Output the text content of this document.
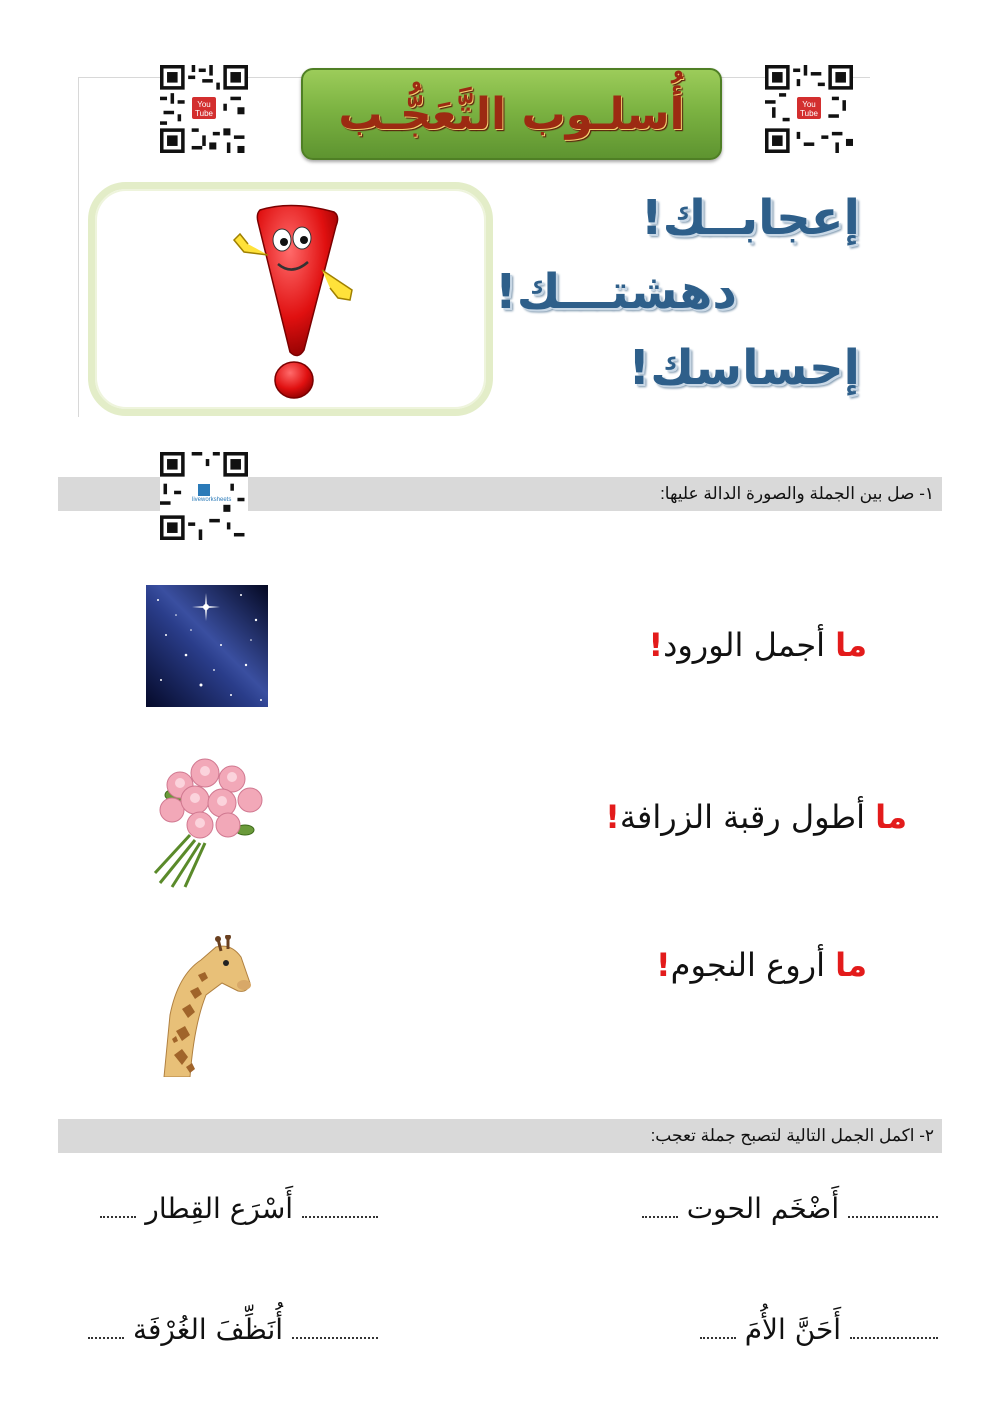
You Tube
You Tube
أُسلـوب التَّعَجُّـب
إعجابــك!
دهشتـــك!
إحساسك!
١- صل بين الجملة والصورة الدالة عليها:
liveworksheets
ما أجمل الورود!
ما أطول رقبة الزرافة!
ما أروع النجوم!
٢- اكمل الجمل التالية لتصبح جملة تعجب:
أَضْخَم الحوت
أَسْرَع القِطار
أَحَنَّ الأُمَ
أُنَظِّفَ الغُرْفَة
